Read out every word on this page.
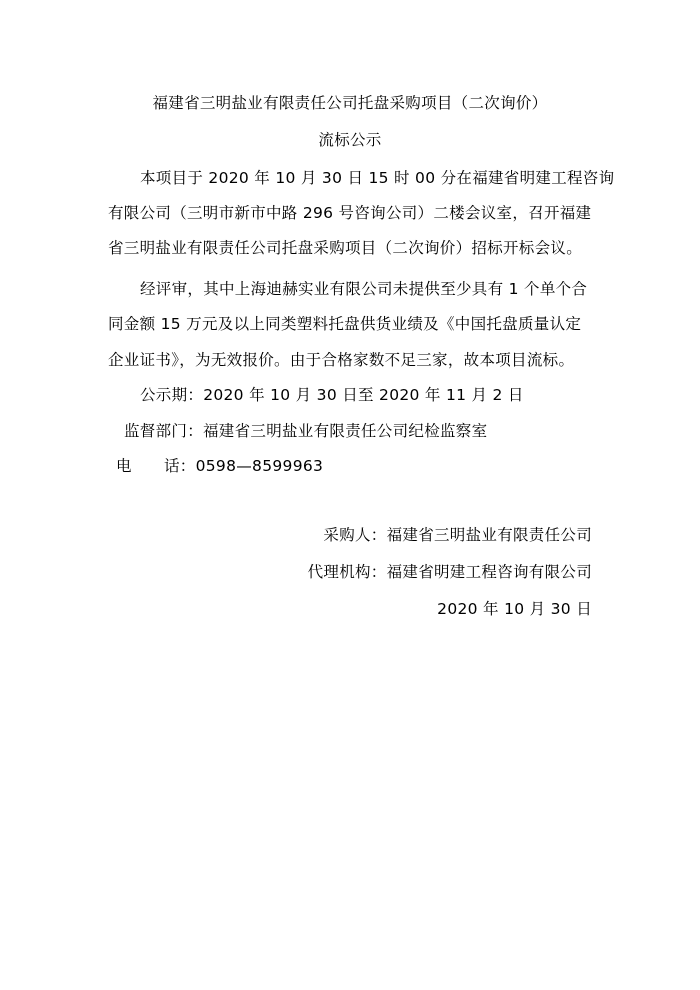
福建省三明盐业有限责任公司托盘采购项目（二次询价）
流标公示
本项目于 2020 年 10 月 30 日 15 时 00 分在福建省明建工程咨询
有限公司（三明市新市中路 296 号咨询公司）二楼会议室，召开福建
省三明盐业有限责任公司托盘采购项目（二次询价）招标开标会议。
经评审，其中上海迪赫实业有限公司未提供至少具有 1 个单个合
同金额 15 万元及以上同类塑料托盘供货业绩及《中国托盘质量认定
企业证书》，为无效报价。由于合格家数不足三家，故本项目流标。
公示期：2020 年 10 月 30 日至 2020 年 11 月 2 日
监督部门：福建省三明盐业有限责任公司纪检监察室
电 话：0598—8599963
采购人：福建省三明盐业有限责任公司
代理机构：福建省明建工程咨询有限公司
2020 年 10 月 30 日
